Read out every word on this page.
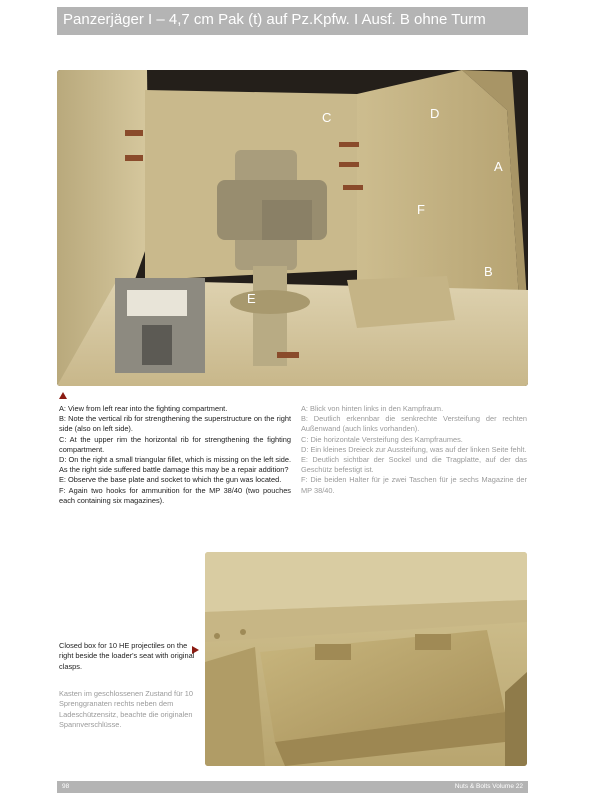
Panzerjäger I – 4,7 cm Pak (t) auf Pz.Kpfw. I Ausf. B ohne Turm
C	D
A
F
B
E

A: View from left rear into the fighting compartment.

B: Note the vertical rib for strengthening the superstructure on the right side (also on left side).

C: At the upper rim the horizontal rib for strengthening the fighting compartment.

D: On the right a small triangular fillet, which is missing on the left side. As the right side suffered battle damage this may be a repair addition?

E: Observe the base plate and socket to which the gun was located.

F: Again two hooks for ammunition for the MP 38/40 (two pouches each containing six magazines).

A: Blick von hinten links in den Kampfraum.

B: Deutlich erkennbar die senkrechte Versteifung der rechten Außenwand (auch links vorhanden).

C: Die horizontale Versteifung des Kampfraumes.

D: Ein kleines Dreieck zur Aussteifung, was auf der linken Seite fehlt.

E: Deutlich sichtbar der Sockel und die Tragplatte, auf der das Geschütz befestigt ist.

F: Die beiden Halter für je zwei Taschen für je sechs Magazine der MP 38/40.

Closed box for 10 HE projectiles on the right beside the loader's seat with original clasps.

Kasten im geschlossenen Zustand für 10 Sprenggranaten rechts neben dem Ladeschützensitz, beachte die originalen Spannverschlüsse.

98	Nuts & Bolts Volume 22
